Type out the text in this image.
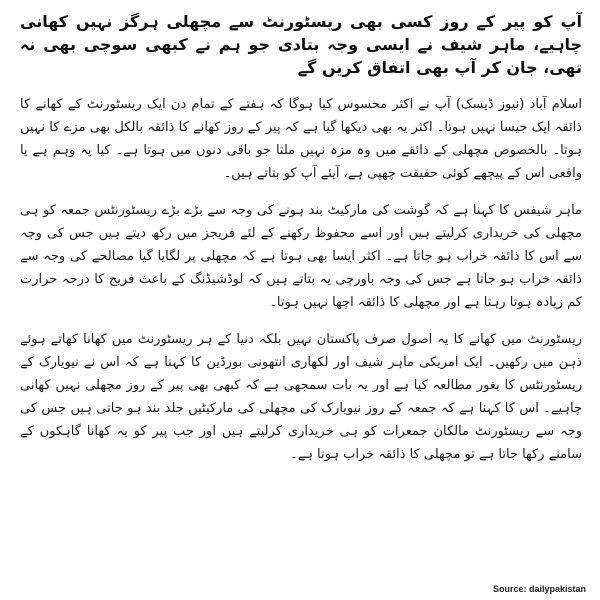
آپ کو پیر کے روز کسی بھی ریسٹورنٹ سے مچھلی ہرگز نہیں کھانی چاہیے، ماہر شیف نے ایسی وجہ بتادی جو ہم نے کبھی سوچی بھی نہ تھی، جان کر آپ بھی اتفاق کریں گے

اسلام آباد (نیوز ڈیسک) آپ نے اکثر محسوس کیا ہوگا کہ ہفتے کے تمام دن ایک ریسٹورنٹ کے کھانے کا ذائقہ ایک جیسا نہیں ہوتا۔ اکثر یہ بھی دیکھا گیا ہے کہ پیر کے روز کھانے کا ذائقہ بالکل بھی مزے کا نہیں ہوتا۔ بالخصوص مچھلی کے ذائقے میں وہ مزہ نہیں ملتا جو باقی دنوں میں ہوتا ہے۔ کیا یہ وہم ہے یا واقعی اس کے پیچھے کوئی حقیقت چھپی ہے، آیئے آپ کو بتاتے ہیں۔

ماہر شیفس کا کہنا ہے کہ گوشت کی مارکیٹ بند ہونے کی وجہ سے بڑے بڑے ریسٹورنٹس جمعہ کو ہی مچھلی کی خریداری کرلیتے ہیں اور اسے محفوظ رکھنے کے لئے فریجز میں رکھ دیتے ہیں جس کی وجہ سے اس کا ذائقہ خراب ہو جاتا ہے۔ اکثر ایسا بھی ہوتا ہے کہ مچھلی پر لگایا گیا مصالحے کی وجہ سے ذائقہ خراب ہو جاتا ہے جس کی وجہ باورچی یہ بتاتے ہیں کہ لوڈشیڈنگ کے باعث فریج کا درجہ حرارت کم زیادہ ہوتا رہتا ہے اور مچھلی کا ذائقہ اچھا نہیں ہوتا۔

ریسٹورنٹ میں کھانے کا یہ اصول صرف پاکستان نہیں بلکہ دنیا کے ہر ریسٹورنٹ میں کھانا کھاتے ہوئے ذہن میں رکھیں۔ ایک امریکی ماہر شیف اور لکھاری انتھونی بورڈین کا کہنا ہے کہ اس نے نیویارک کے ریسٹورنٹس کا بغور مطالعہ کیا ہے اور یہ بات سمجھی ہے کہ کبھی بھی پیر کے روز مچھلی نہیں کھانی چاہیے۔ اس کا کہنا ہے کہ جمعہ کے روز نیویارک کی مچھلی کی مارکیٹیں جلد بند ہو جاتی ہیں جس کی وجہ سے ریسٹورنٹ مالکان جمعرات کو ہی خریداری کرلیتے ہیں اور جب پیر کو یہ کھانا گاہکوں کے سامنے رکھا جاتا ہے تو مچھلی کا ذائقہ خراب ہوتا ہے۔

Source: dailypakistan
